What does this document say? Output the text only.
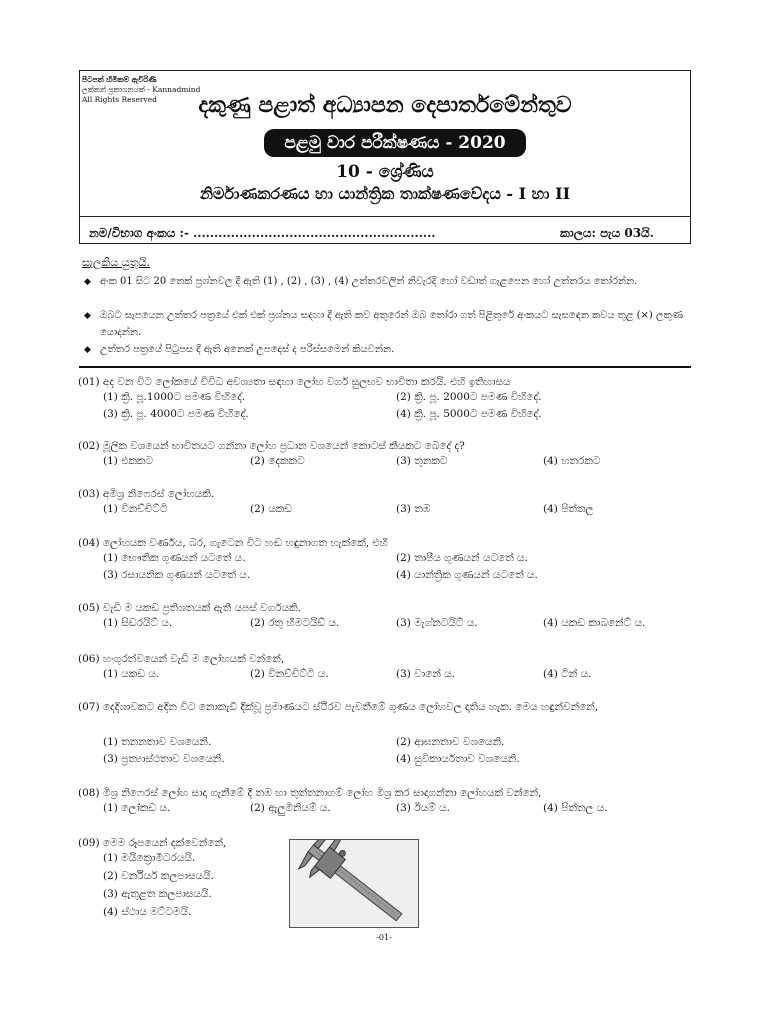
පිටපත් හිමිකම් ඇවිරිණි
ලක්කන් ප්‍රකාශනයක් - Kannadmind
All Rights Reserved	දකුණු පළාත් අධ්‍යාපන දෙපාර්තමේන්තුව
පළමු වාර පරීක්ෂණය - 2020
10 - ශ්‍රේණිය
නිර්මාණකරණය හා යාන්ත්‍රික තාක්ෂණවේදය - I හා II
නම/විභාග අංකය :- ..........................................................	කාලය: පැය 03යි.
සැලකිය යුතුයි.
◆ අංක 01 සිට 20 තෙක් ප්‍රශ්නවල දී ඇති (1) , (2) , (3) , (4) උත්තරවලින් නිවැරදි හෝ වඩාත් ගැළපෙන හෝ උත්තරය තෝරන්න.
◆ ඔබට සැපයෙන උත්තර පත්‍රයේ එක් එක් ප්‍රශ්නය සඳහා දී ඇති කව අතුරෙන් ඔබ තෝරා ගත් පිළිතුරේ අංකයට සැසඳෙන කවය තුළ (×) ලකුණ යොදන්න.
◆ උත්තර පත්‍රයේ පිටුපස දී ඇති අනෙක් උපදෙස් ද පරිස්සමෙන් කියවන්න.
(01) අද වන විට ලෝකයේ විවිධ අවශ්‍යතා සඳහා ලෝහ වර්ග සුලභව භාවිතා කරයි. එහි ඉතිහාසය
(1) ක්‍රි. පූ.1000ට පමණ විහිදේ.	(2) ක්‍රි. පූ. 2000ට පමණ විහිදේ.
(3) ක්‍රි. පූ. 4000ට පමණ විහිදේ.	(4) ක්‍රි. පූ. 5000ට පමණ විහිදේ.
(02) මූලික වශයෙන් භාවිතයට ගන්නා ලෝහ ප්‍රධාන වශයෙන් කොටස් කීයකට බෙදේ ද?
(1) එකකට	(2) දෙකකට	(3) තුනකට	(4) හතරකට
(03) අමිශ්‍ර නිෆෙරස් ලෝහයකි.
(1) විනච්චිට්ටි	(2) යකඩ	(3) තඹ	(4) පිත්තල
(04) ලෝහයක වර්ණය, බර, ගැටෙන විට හඬ හඳුනාගත හැක්කේ, එහි
(1) භෞතික ගුණයන් යටතේ ය.	(2) තාපීය ගුණයන් යටතේ ය.
(3) රසායනික ගුණයන් යටතේ ය.	(4) යාන්ත්‍රික ගුණයන් යටතේ ය.
(05) වැඩි ම යකඩ ප්‍රතිශතයක් ඇති යපස් වර්ගයකි.
(1) සිඩරයිට් ය.	(2) රතු හීමටයිඩ් ය.	(3) මැග්නටයිට් ය.	(4) යකඩ කාබනේට් ය.
(06) හංගුරත්වයෙන් වැඩි ම ලෝහයක් වන්නේ,
(1) යකඩ ය.	(2) විනච්චිට්ටි ය.	(3) වානේ ය.	(4) ටින් ය.
(07) දෙදිශාවකට අදින විට නොකැඩී දික්වූ ප්‍රමාණයට ස්ථිරව පැවතීමේ ගුණය ලෝහවල දෘතිය හැක. මෙය හඳුන්වන්නේ,
(1) තනනතාව වශයෙනි.	(2) ආඝනතාව වශයෙනි.
(3) ප්‍රත්‍යාස්ථතාව වශයෙනි.	(4) සුවිකාර්යතාව වශයෙනි.
(08) මිශ්‍ර නිෆෙරස් ලෝහ සාදා ගැනීමේ දී තඹ හා තුත්තනාගම් ලෝහ මිශ්‍ර කර සාදාගන්නා ලෝහයක් වන්නේ,
(1) ලෝකඩ ය.	(2) ඇලුමිනියම් ය.	(3) ඊයම් ය.	(4) පිත්තල ය.
(09) මෙම රූපයෙන් දක්වෙන්නේ,
(1) මයික්‍රොමීටරයයි.
(2) වර්නියර් කලපාසයයි.
(3) ඇතුළත කලපාසයයි.
(4) ස්ථාය මට්ටමයි.
-01-
